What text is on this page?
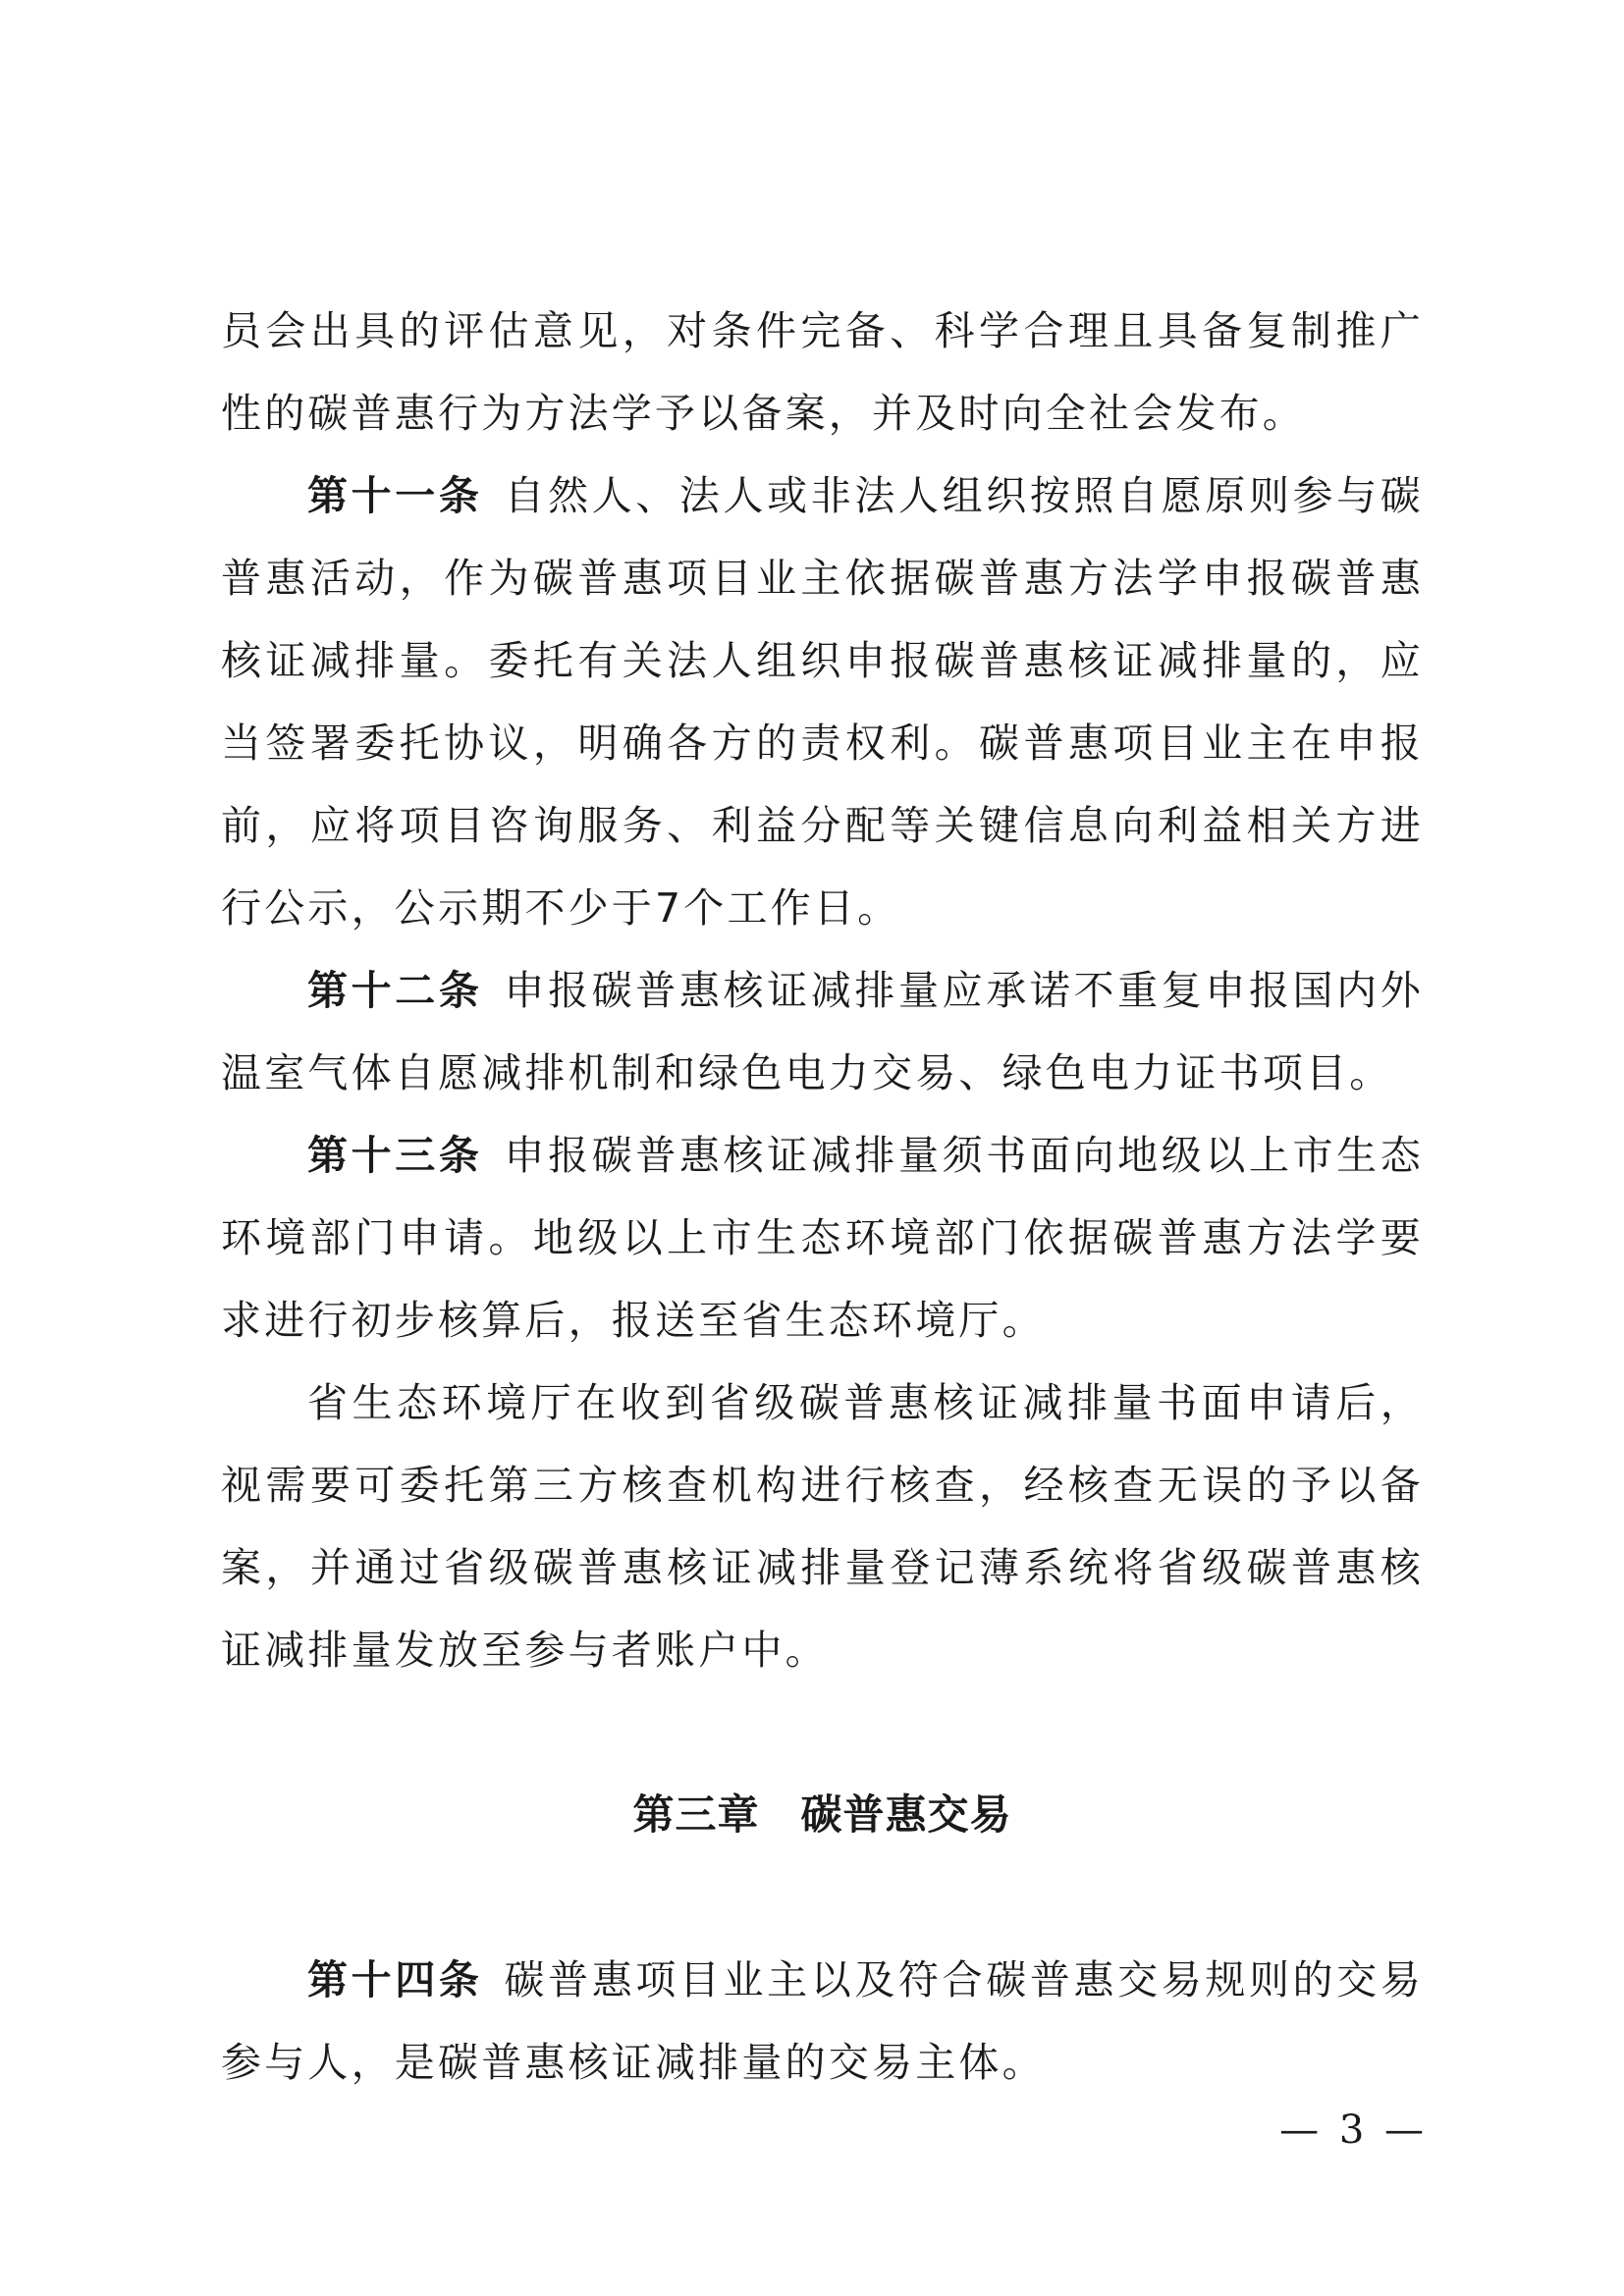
员会出具的评估意见，对条件完备、科学合理且具备复制推广性的碳普惠行为方法学予以备案，并及时向全社会发布。

第十一条 自然人、法人或非法人组织按照自愿原则参与碳普惠活动，作为碳普惠项目业主依据碳普惠方法学申报碳普惠核证减排量。委托有关法人组织申报碳普惠核证减排量的，应当签署委托协议，明确各方的责权利。碳普惠项目业主在申报前，应将项目咨询服务、利益分配等关键信息向利益相关方进行公示，公示期不少于7个工作日。

第十二条 申报碳普惠核证减排量应承诺不重复申报国内外温室气体自愿减排机制和绿色电力交易、绿色电力证书项目。

第十三条 申报碳普惠核证减排量须书面向地级以上市生态环境部门申请。地级以上市生态环境部门依据碳普惠方法学要求进行初步核算后，报送至省生态环境厅。

省生态环境厅在收到省级碳普惠核证减排量书面申请后，视需要可委托第三方核查机构进行核查，经核查无误的予以备案，并通过省级碳普惠核证减排量登记薄系统将省级碳普惠核证减排量发放至参与者账户中。

第三章 碳普惠交易

第十四条 碳普惠项目业主以及符合碳普惠交易规则的交易参与人，是碳普惠核证减排量的交易主体。

— 3 —
